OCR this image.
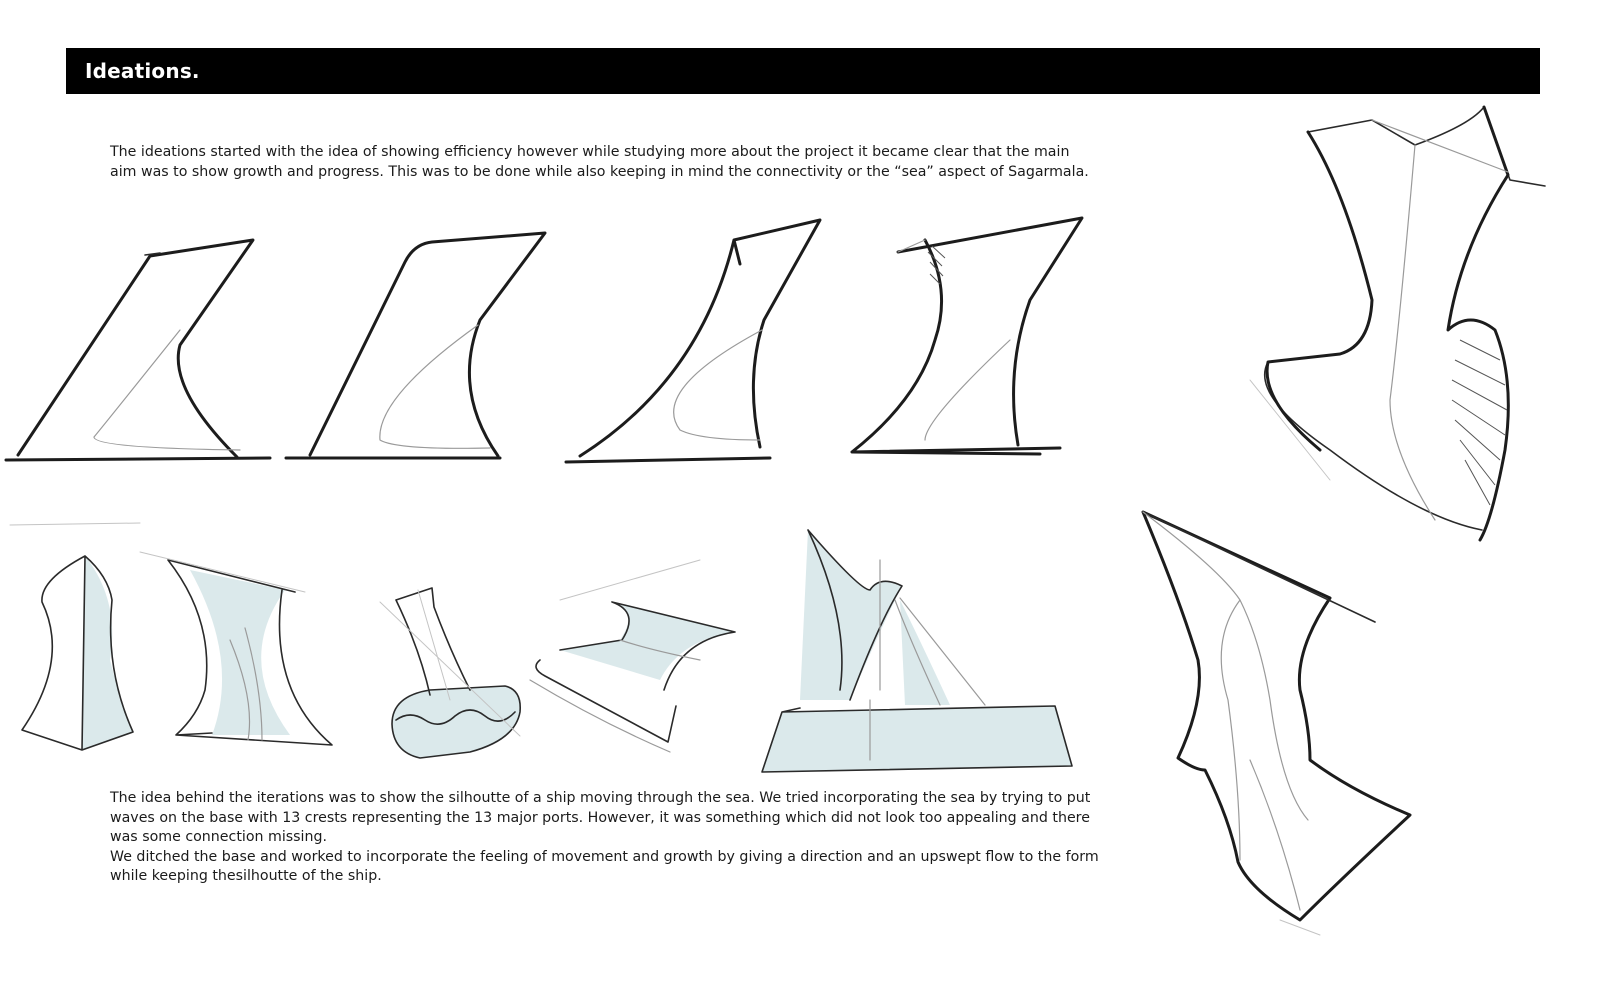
Ideations.

The ideations started with the idea of showing efficiency however while studying more about the project it became clear that the main

aim was to show growth and progress. This was to be done while also keeping in mind the connectivity or the “sea” aspect of Sagarmala.

The idea behind the iterations was to show the silhoutte of a ship moving through the sea. We tried incorporating the sea by trying to put

waves on the base with 13 crests representing the 13 major ports. However, it was something which did not look too appealing and there

was some connection missing.

We ditched the base and worked to incorporate the feeling of movement and growth by giving a direction and an upswept flow to the form

while keeping thesilhoutte of the ship.
